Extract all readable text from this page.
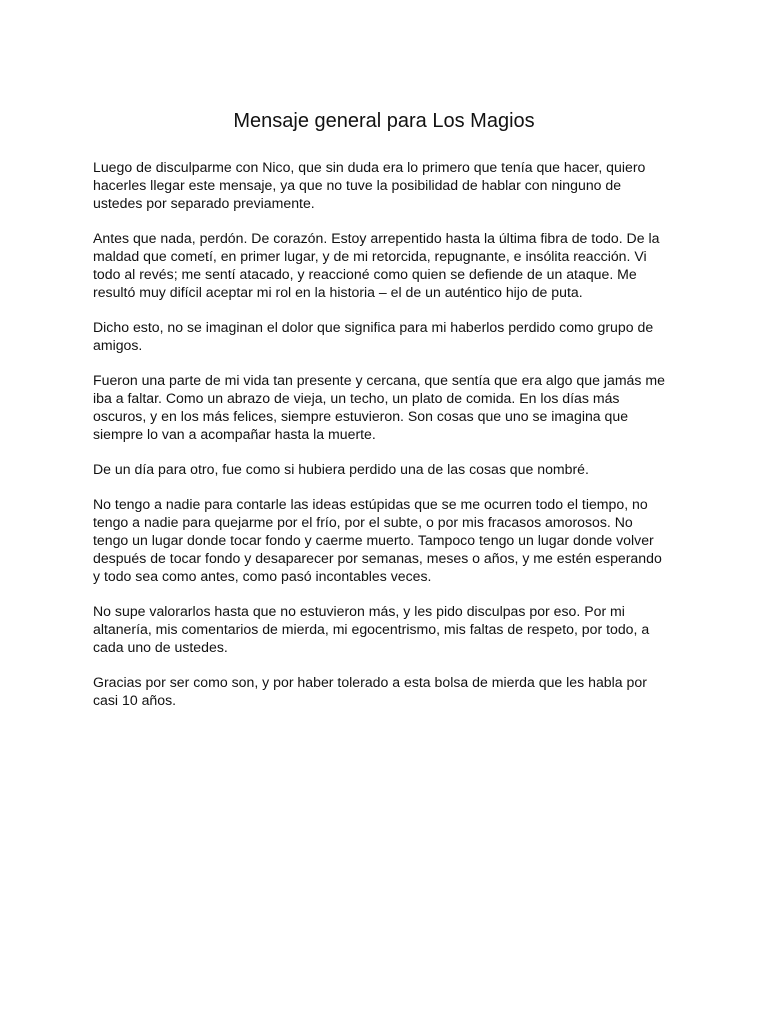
Mensaje general para Los Magios

Luego de disculparme con Nico, que sin duda era lo primero que tenía que hacer, quiero
hacerles llegar este mensaje, ya que no tuve la posibilidad de hablar con ninguno de
ustedes por separado previamente.

Antes que nada, perdón. De corazón. Estoy arrepentido hasta la última fibra de todo. De la
maldad que cometí, en primer lugar, y de mi retorcida, repugnante, e insólita reacción. Vi
todo al revés; me sentí atacado, y reaccioné como quien se defiende de un ataque. Me
resultó muy difícil aceptar mi rol en la historia – el de un auténtico hijo de puta.

Dicho esto, no se imaginan el dolor que significa para mi haberlos perdido como grupo de
amigos.

Fueron una parte de mi vida tan presente y cercana, que sentía que era algo que jamás me
iba a faltar. Como un abrazo de vieja, un techo, un plato de comida. En los días más
oscuros, y en los más felices, siempre estuvieron. Son cosas que uno se imagina que
siempre lo van a acompañar hasta la muerte.

De un día para otro, fue como si hubiera perdido una de las cosas que nombré.

No tengo a nadie para contarle las ideas estúpidas que se me ocurren todo el tiempo, no
tengo a nadie para quejarme por el frío, por el subte, o por mis fracasos amorosos. No
tengo un lugar donde tocar fondo y caerme muerto. Tampoco tengo un lugar donde volver
después de tocar fondo y desaparecer por semanas, meses o años, y me estén esperando
y todo sea como antes, como pasó incontables veces.

No supe valorarlos hasta que no estuvieron más, y les pido disculpas por eso. Por mi
altanería, mis comentarios de mierda, mi egocentrismo, mis faltas de respeto, por todo, a
cada uno de ustedes.

Gracias por ser como son, y por haber tolerado a esta bolsa de mierda que les habla por
casi 10 años.
